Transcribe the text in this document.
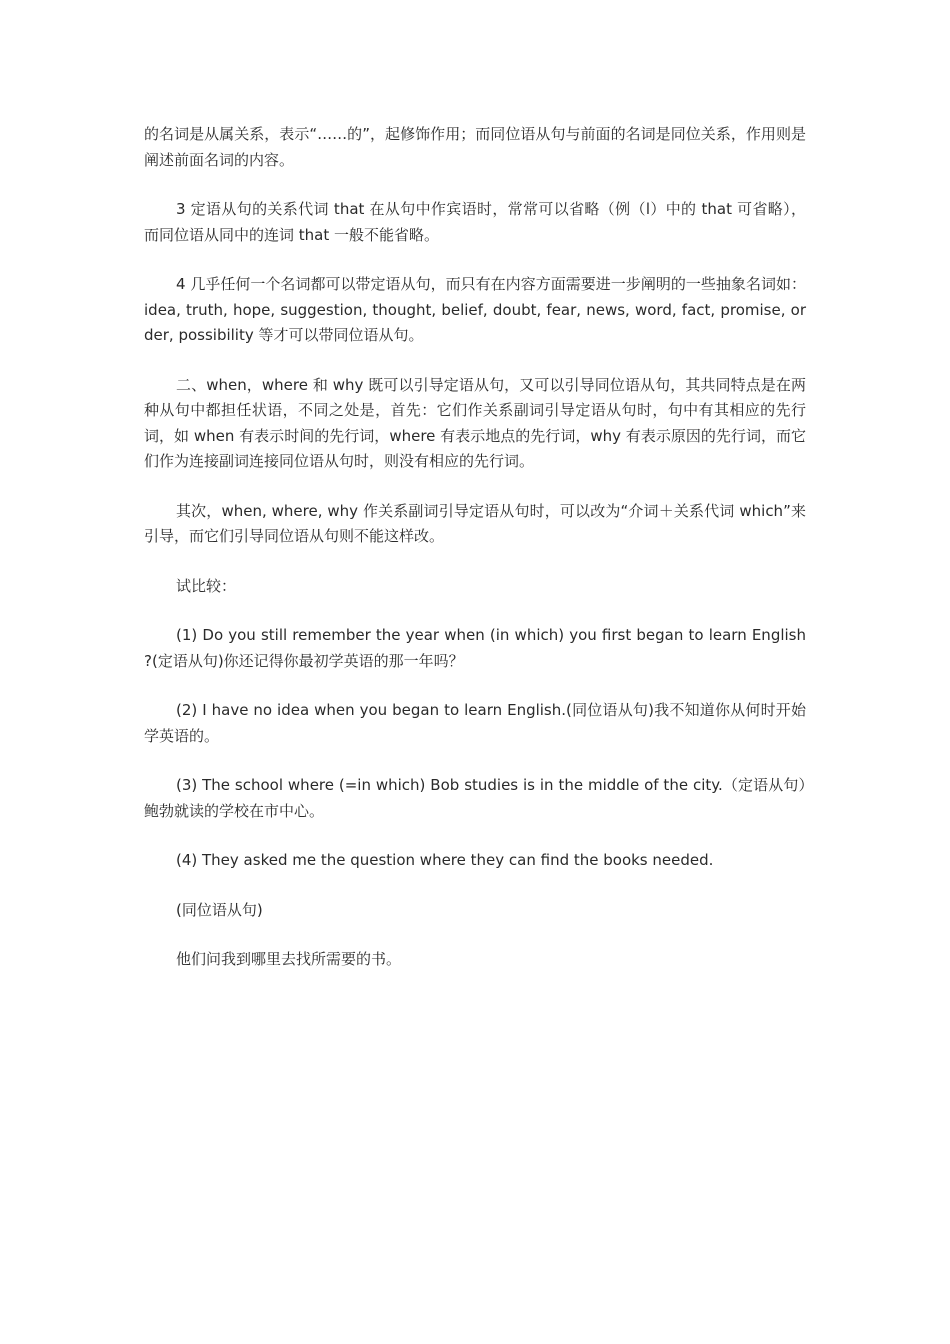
的名词是从属关系，表示“……的”，起修饰作用；而同位语从句与前面的名词是同位关系，作用则是阐述前面名词的内容。

3 定语从句的关系代词 that 在从句中作宾语时，常常可以省略（例（l）中的 that 可省略），而同位语从同中的连词 that 一般不能省略。

4 几乎任何一个名词都可以带定语从句，而只有在内容方面需要进一步阐明的一些抽象名词如：idea, truth, hope, suggestion, thought, belief, doubt, fear, news, word, fact, promise, order, possibility 等才可以带同位语从句。

二、when，where 和 why 既可以引导定语从句，又可以引导同位语从句，其共同特点是在两种从句中都担任状语，不同之处是，首先：它们作关系副词引导定语从句时，句中有其相应的先行词，如 when 有表示时间的先行词，where 有表示地点的先行词，why 有表示原因的先行词，而它们作为连接副词连接同位语从句时，则没有相应的先行词。

其次，when, where, why 作关系副词引导定语从句时，可以改为“介词＋关系代词 which”来引导，而它们引导同位语从句则不能这样改。

试比较：

(1) Do you still remember the year when (in which) you first began to learn English ?(定语从句)你还记得你最初学英语的那一年吗？

(2) I have no idea when you began to learn English.(同位语从句)我不知道你从何时开始学英语的。

(3) The school where (=in which) Bob studies is in the middle of the city.（定语从句）鲍勃就读的学校在市中心。

(4) They asked me the question where they can find the books needed.

(同位语从句)

他们问我到哪里去找所需要的书。
